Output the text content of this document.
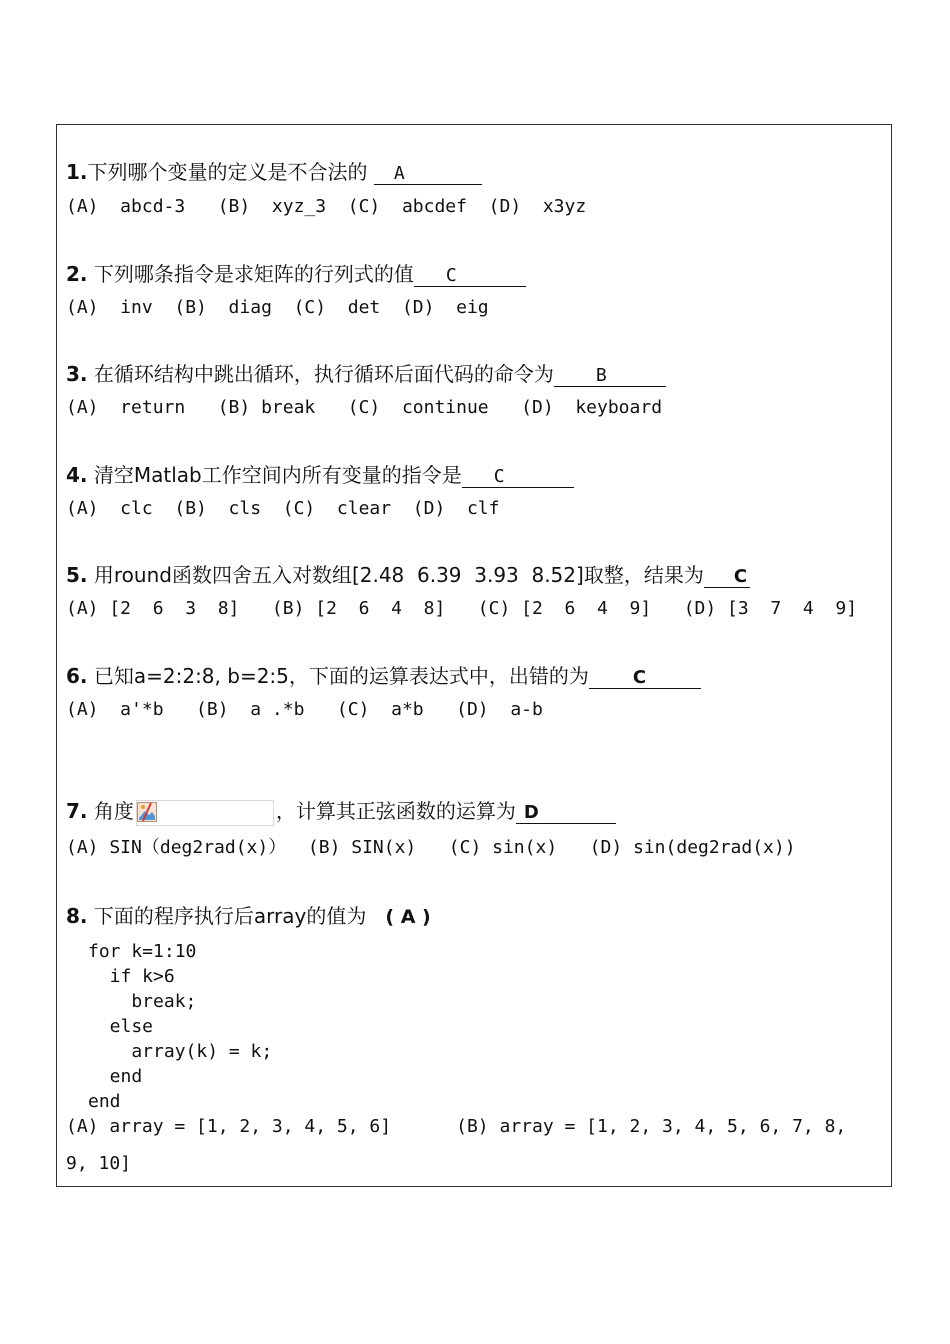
1.下列哪个变量的定义是不合法的 A
(A)  abcd-3   (B)  xyz_3  (C)  abcdef  (D)  x3yz
2. 下列哪条指令是求矩阵的行列式的值 C
(A)  inv  (B)  diag  (C)  det  (D)  eig
3. 在循环结构中跳出循环，执行循环后面代码的命令为 B
(A)  return   (B) break   (C)  continue   (D)  keyboard
4. 清空Matlab工作空间内所有变量的指令是 C
(A)  clc  (B)  cls  (C)  clear  (D)  clf
5. 用round函数四舍五入对数组[2.48  6.39  3.93  8.52]取整，结果为 C
(A) [2  6  3  8]   (B) [2  6  4  8]   (C) [2  6  4  9]   (D) [3  7  4  9]
6. 已知a=2:2:8, b=2:5，下面的运算表达式中，出错的为 C
(A)  a'*b   (B)  a .*b   (C)  a*b   (D)  a-b
7. 角度	，计算其正弦函数的运算为 D
(A) SIN（deg2rad(x)）  (B) SIN(x)   (C) sin(x)   (D) sin(deg2rad(x))
8. 下面的程序执行后array的值为   ( A )
for k=1:10
if k>6
break;
else
array(k) = k;
end
end
(A) array = [1, 2, 3, 4, 5, 6]      (B) array = [1, 2, 3, 4, 5, 6, 7, 8,
9, 10]
